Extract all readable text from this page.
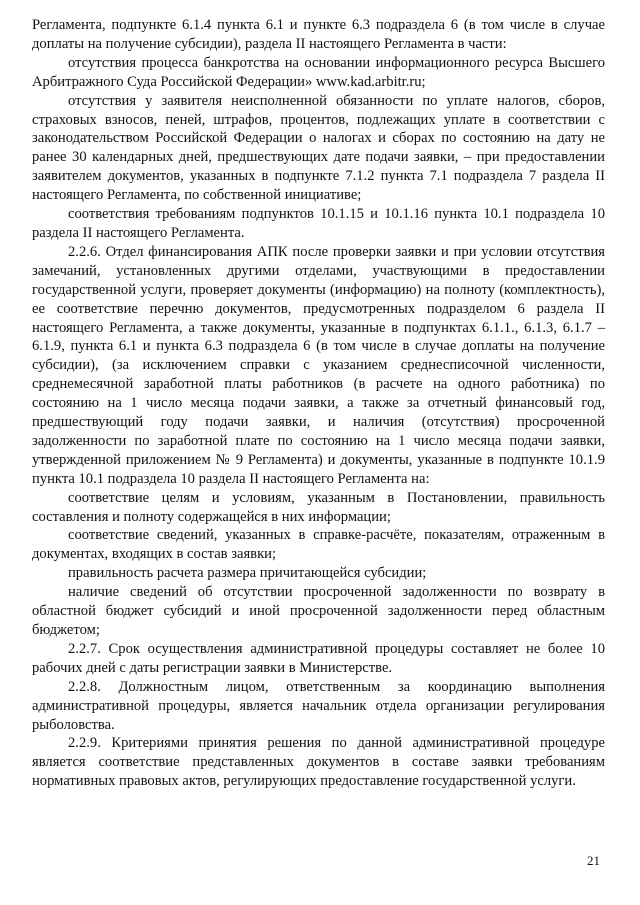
Регламента, подпункте 6.1.4 пункта 6.1 и пункте 6.3 подраздела 6 (в том числе в случае доплаты на получение субсидии), раздела II настоящего Регламента в части:

отсутствия процесса банкротства на основании информационного ресурса Высшего Арбитражного Суда Российской Федерации» www.kad.arbitr.ru;

отсутствия у заявителя неисполненной обязанности по уплате налогов, сборов, страховых взносов, пеней, штрафов, процентов, подлежащих уплате в соответствии с законодательством Российской Федерации о налогах и сборах по состоянию на дату не ранее 30 календарных дней, предшествующих дате подачи заявки, – при предоставлении заявителем документов, указанных в подпункте 7.1.2 пункта 7.1 подраздела 7 раздела II настоящего Регламента, по собственной инициативе;

соответствия требованиям подпунктов 10.1.15 и 10.1.16 пункта 10.1 подраздела 10 раздела II настоящего Регламента.

2.2.6. Отдел финансирования АПК после проверки заявки и при условии отсутствия замечаний, установленных другими отделами, участвующими в предоставлении государственной услуги, проверяет документы (информацию) на полноту (комплектность), ее соответствие перечню документов, предусмотренных подразделом 6 раздела II настоящего Регламента, а также документы, указанные в подпунктах 6.1.1., 6.1.3, 6.1.7 – 6.1.9, пункта 6.1 и пункта 6.3 подраздела 6 (в том числе в случае доплаты на получение субсидии), (за исключением справки с указанием среднесписочной численности, среднемесячной заработной платы работников (в расчете на одного работника) по состоянию на 1 число месяца подачи заявки, а также за отчетный финансовый год, предшествующий году подачи заявки, и наличия (отсутствия) просроченной задолженности по заработной плате по состоянию на 1 число месяца подачи заявки, утвержденной приложением № 9 Регламента) и документы, указанные в подпункте 10.1.9 пункта 10.1 подраздела 10 раздела II настоящего Регламента на:

соответствие целям и условиям, указанным в Постановлении, правильность составления и полноту содержащейся в них информации;

соответствие сведений, указанных в справке-расчёте, показателям, отраженным в документах, входящих в состав заявки;

правильность расчета размера причитающейся субсидии;

наличие сведений об отсутствии просроченной задолженности по возврату в областной бюджет субсидий и иной просроченной задолженности перед областным бюджетом;

2.2.7. Срок осуществления административной процедуры составляет не более 10 рабочих дней с даты регистрации заявки в Министерстве.

2.2.8. Должностным лицом, ответственным за координацию выполнения административной процедуры, является начальник отдела организации регулирования рыболовства.

2.2.9. Критериями принятия решения по данной административной процедуре является соответствие представленных документов в составе заявки требованиям нормативных правовых актов, регулирующих предоставление государственной услуги.

21
